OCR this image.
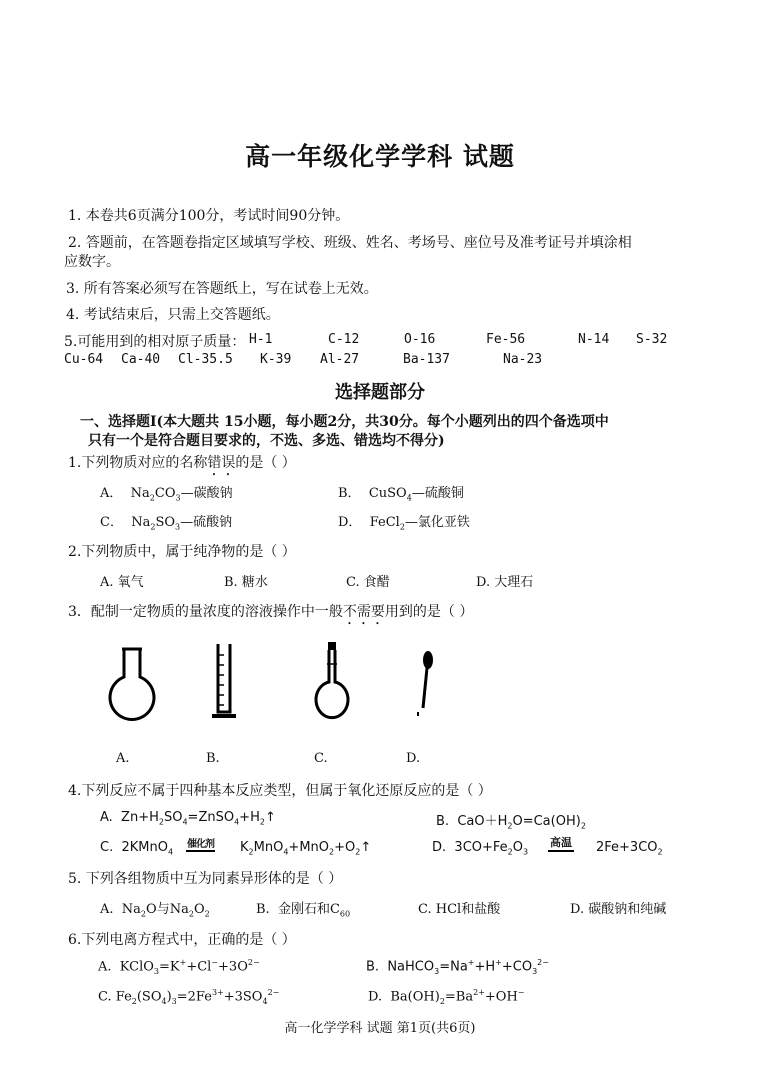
高一年级化学学科 试题
1. 本卷共6页满分100分，考试时间90分钟。
2. 答题前，在答题卷指定区域填写学校、班级、姓名、考场号、座位号及准考证号并填涂相
应数字。
3. 所有答案必须写在答题纸上，写在试卷上无效。
4. 考试结束后，只需上交答题纸。
5.可能用到的相对原子质量： H-1	C-12	O-16	Fe-56	N-14 S-32
Cu-64 Ca-40 Cl-35.5 K-39 Al-27	Ba-137	Na-23
选择题部分
一、选择题Ⅰ(本大题共 15小题，每小题2分，共30分。每个小题列出的四个备选项中
只有一个是符合题目要求的，不选、多选、错选均不得分)
1.下列物质对应的名称错误的是（ ）
A． $Na_2CO_3—$碳酸钠	B． CuSO$_4$—硫酸铜
C． $Na_2SO_3—$硫酸钠	D． FeCl$_2$—氯化亚铁
2.下列物质中，属于纯净物的是（ ）
A. 氧气	B. 糖水	C. 食醋	D. 大理石
3．配制一定物质的量浓度的溶液操作中一般不需要用到的是（ ）
A.	B.	C.	D.
4.下列反应不属于四种基本反应类型，但属于氧化还原反应的是（ ）
A.  $Zn+H_2SO_4=ZnSO_4+H_2↑$	B.  $CaO+H_2O=Ca(OH)_2$
C.  2KMnO$_4$
催化剂 $K_2MnO_4+MnO_2+O_2↑$	D.  $3CO+Fe_2O_3$
高温 $2Fe+3CO_2$
5. 下列各组物质中互为同素异形体的是（ ）
A.  $Na_2O$与$Na_2O_2$	B. 金刚石和$C_{60}$	C. HCl和盐酸	D. 碳酸钠和纯碱
6.下列电离方程式中，正确的是（ ）
A.  $KClO_3=K^++Cl^-+3O^{2-}$	B.  $NaHCO_3=Na^++H^++CO_3^{2-}$
C. $Fe_2(SO_4)_3=2Fe^{3+}+3SO_4^{2-}$	D.  $Ba(OH)_2=Ba^{2+}+OH^-$
高一化学学科 试题 第1页(共6页)
